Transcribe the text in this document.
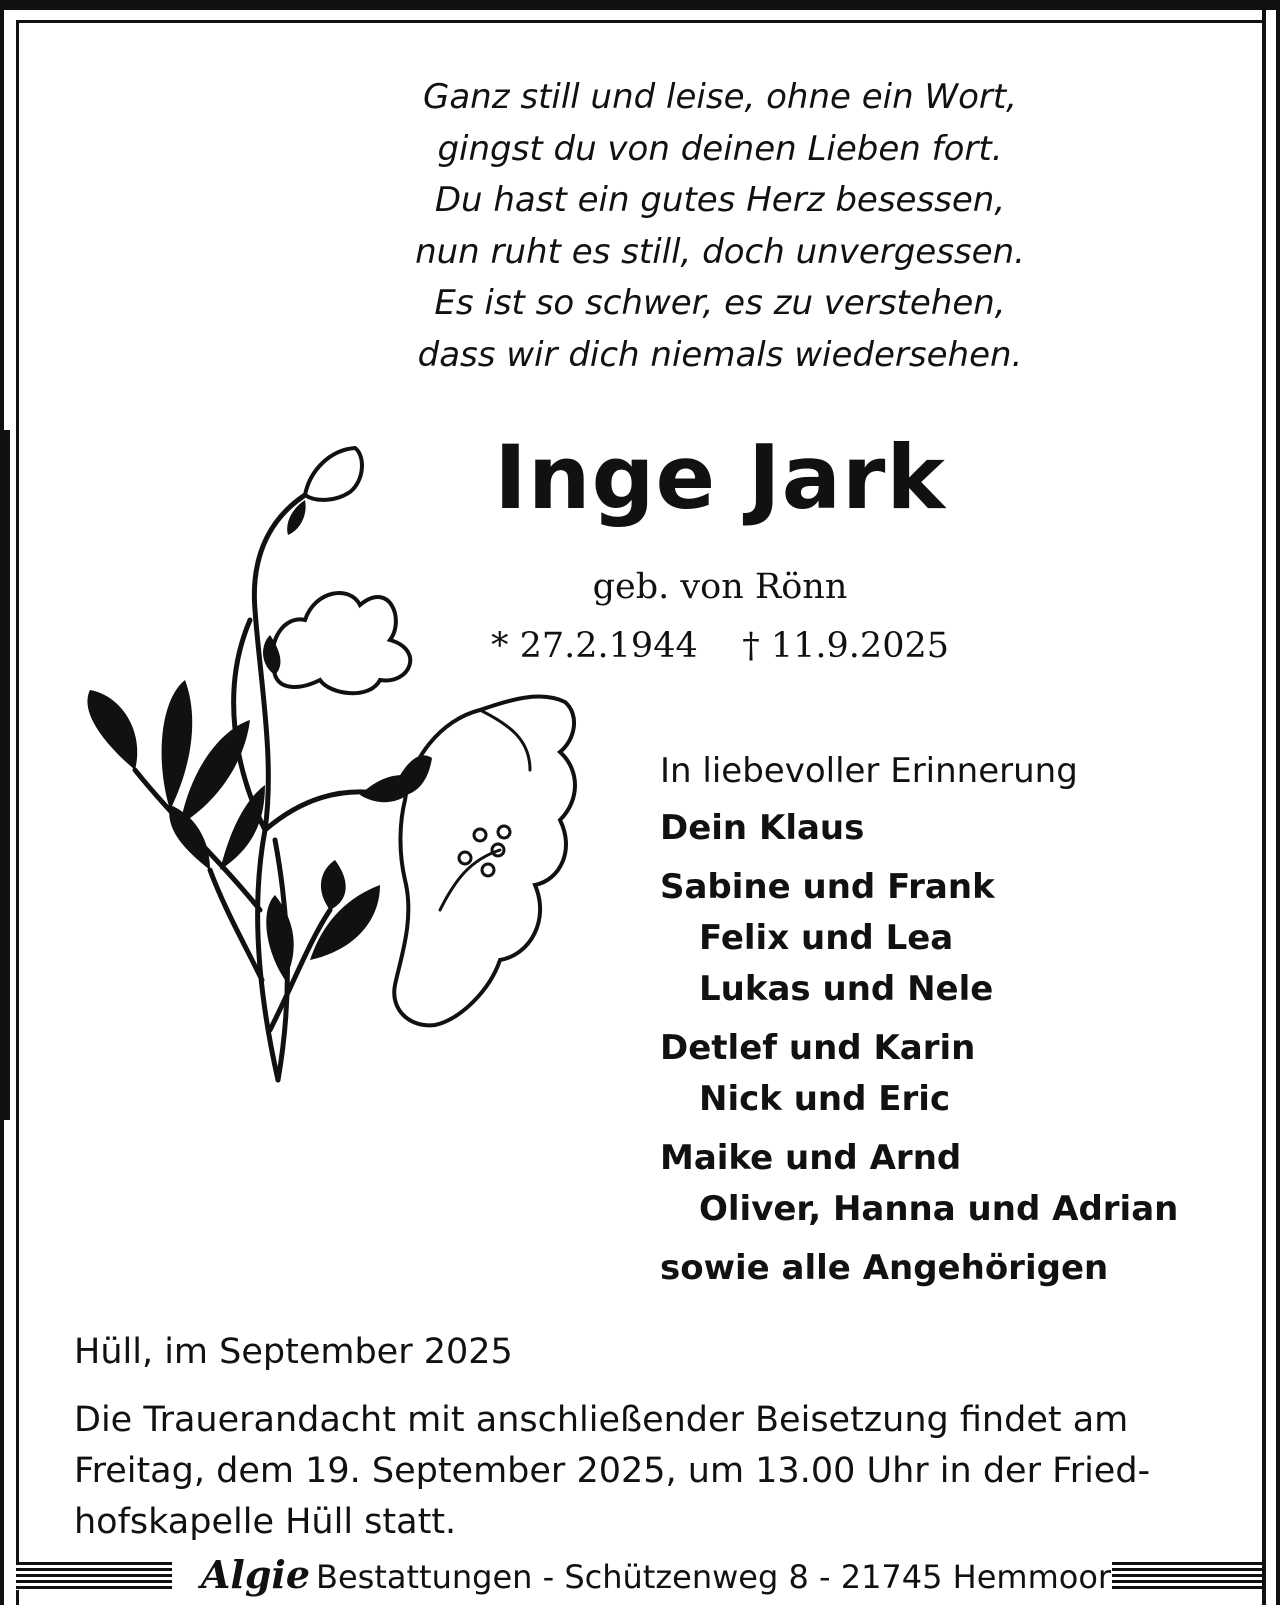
Ganz still und leise, ohne ein Wort,
gingst du von deinen Lieben fort.
Du hast ein gutes Herz besessen,
nun ruht es still, doch unvergessen.
Es ist so schwer, es zu verstehen,
dass wir dich niemals wiedersehen.
Inge Jark
geb. von Rönn
* 27.2.1944    † 11.9.2025
In liebevoller Erinnerung
Dein Klaus
Sabine und Frank
Felix und Lea
Lukas und Nele
Detlef und Karin
Nick und Eric
Maike und Arnd
Oliver, Hanna und Adrian
sowie alle Angehörigen
Hüll, im September 2025
Die Trauerandacht mit anschließender Beisetzung findet am
Freitag, dem 19. September 2025, um 13.00 Uhr in der Fried-
hofskapelle Hüll statt.
Algie Bestattungen - Schützenweg 8 - 21745 Hemmoor
